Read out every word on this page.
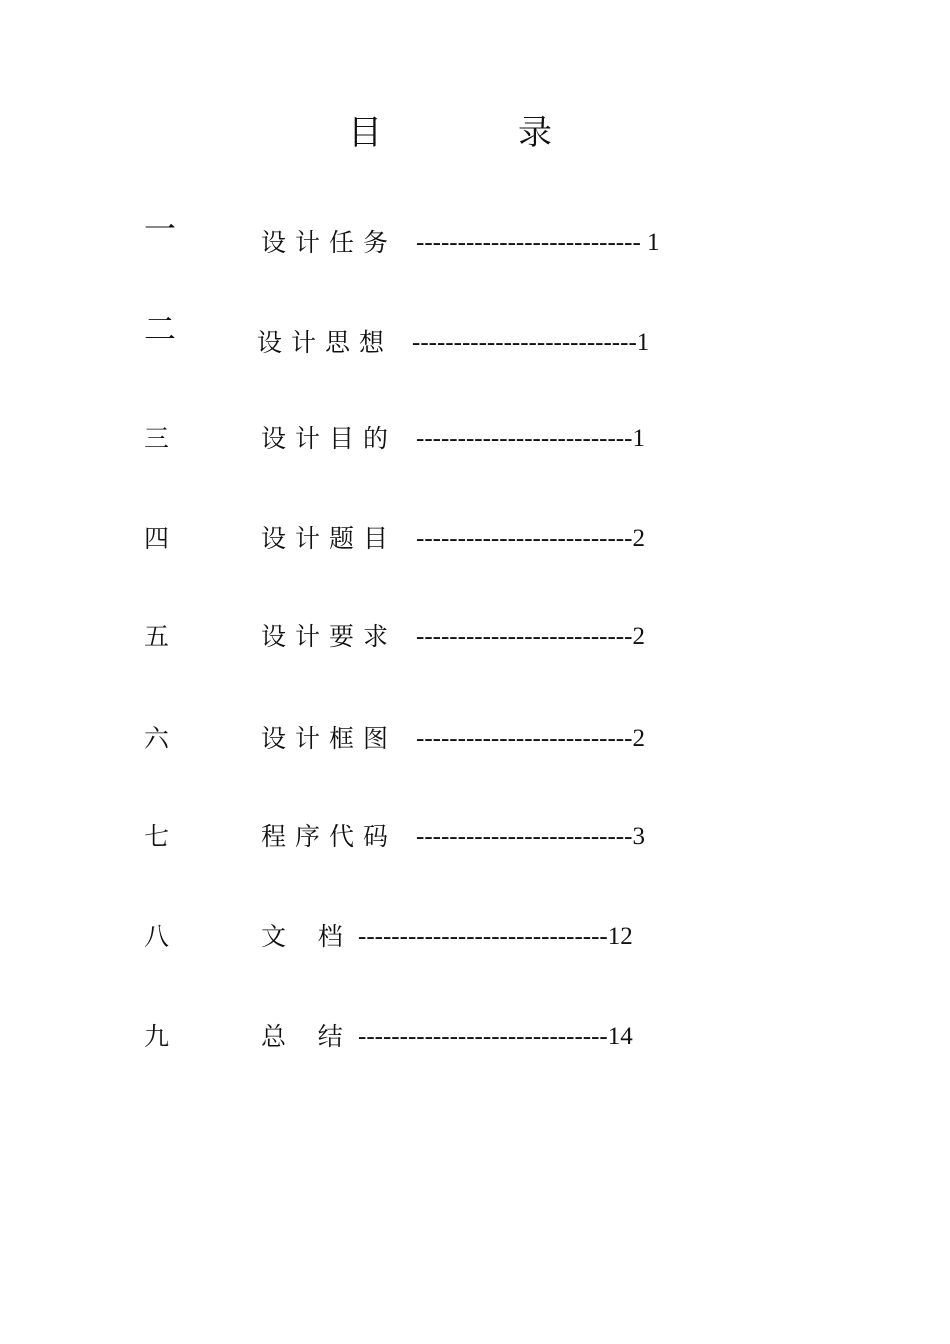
目	录
一	设计任务 --------------------------- 1
二	设计思想 ---------------------------1
三	设计目的 --------------------------1
四	设计题目 --------------------------2
五	设计要求 --------------------------2
六	设计框图 --------------------------2
七	程序代码 --------------------------3
八	文    档 ------------------------------12
九	总    结 ------------------------------14
